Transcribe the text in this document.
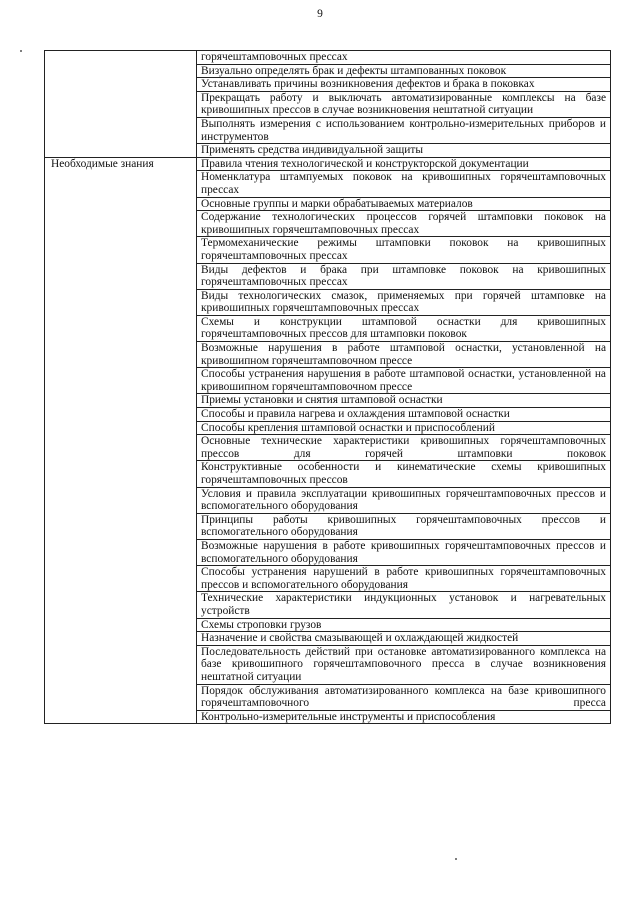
9
	горячештамповочных прессах
	Визуально определять брак и дефекты штампованных поковок
	Устанавливать причины возникновения дефектов и брака в поковках
	Прекращать работу и выключать автоматизированные комплексы на базе кривошипных прессов в случае возникновения нештатной ситуации
	Выполнять измерения с использованием контрольно-измерительных приборов и инструментов
	Применять средства индивидуальной защиты
Необходимые знания	Правила чтения технологической и конструкторской документации
	Номенклатура штампуемых поковок на кривошипных горячештамповочных прессах
	Основные группы и марки обрабатываемых материалов
	Содержание технологических процессов горячей штамповки поковок на кривошипных горячештамповочных прессах
	Термомеханические режимы штамповки поковок на кривошипных горячештамповочных прессах
	Виды дефектов и брака при штамповке поковок на кривошипных горячештамповочных прессах
	Виды технологических смазок, применяемых при горячей штамповке на кривошипных горячештамповочных прессах
	Схемы и конструкции штамповой оснастки для кривошипных горячештамповочных прессов для штамповки поковок
	Возможные нарушения в работе штамповой оснастки, установленной на кривошипном горячештамповочном прессе
	Способы устранения нарушения в работе штамповой оснастки, установленной на кривошипном горячештамповочном прессе
	Приемы установки и снятия штамповой оснастки
	Способы и правила нагрева и охлаждения штамповой оснастки
	Способы крепления штамповой оснастки и приспособлений
	Основные технические характеристики кривошипных горячештамповочных прессов для горячей штамповки поковок
	Конструктивные особенности и кинематические схемы кривошипных горячештамповочных прессов
	Условия и правила эксплуатации кривошипных горячештамповочных прессов и вспомогательного оборудования
	Принципы работы кривошипных горячештамповочных прессов и вспомогательного оборудования
	Возможные нарушения в работе кривошипных горячештамповочных прессов и вспомогательного оборудования
	Способы устранения нарушений в работе кривошипных горячештамповочных прессов и вспомогательного оборудования
	Технические характеристики индукционных установок и нагревательных устройств
	Схемы строповки грузов
	Назначение и свойства смазывающей и охлаждающей жидкостей
	Последовательность действий при остановке автоматизированного комплекса на базе кривошипного горячештамповочного пресса в случае возникновения нештатной ситуации
	Порядок обслуживания автоматизированного комплекса на базе кривошипного горячештамповочного пресса
	Контрольно-измерительные инструменты и приспособления
